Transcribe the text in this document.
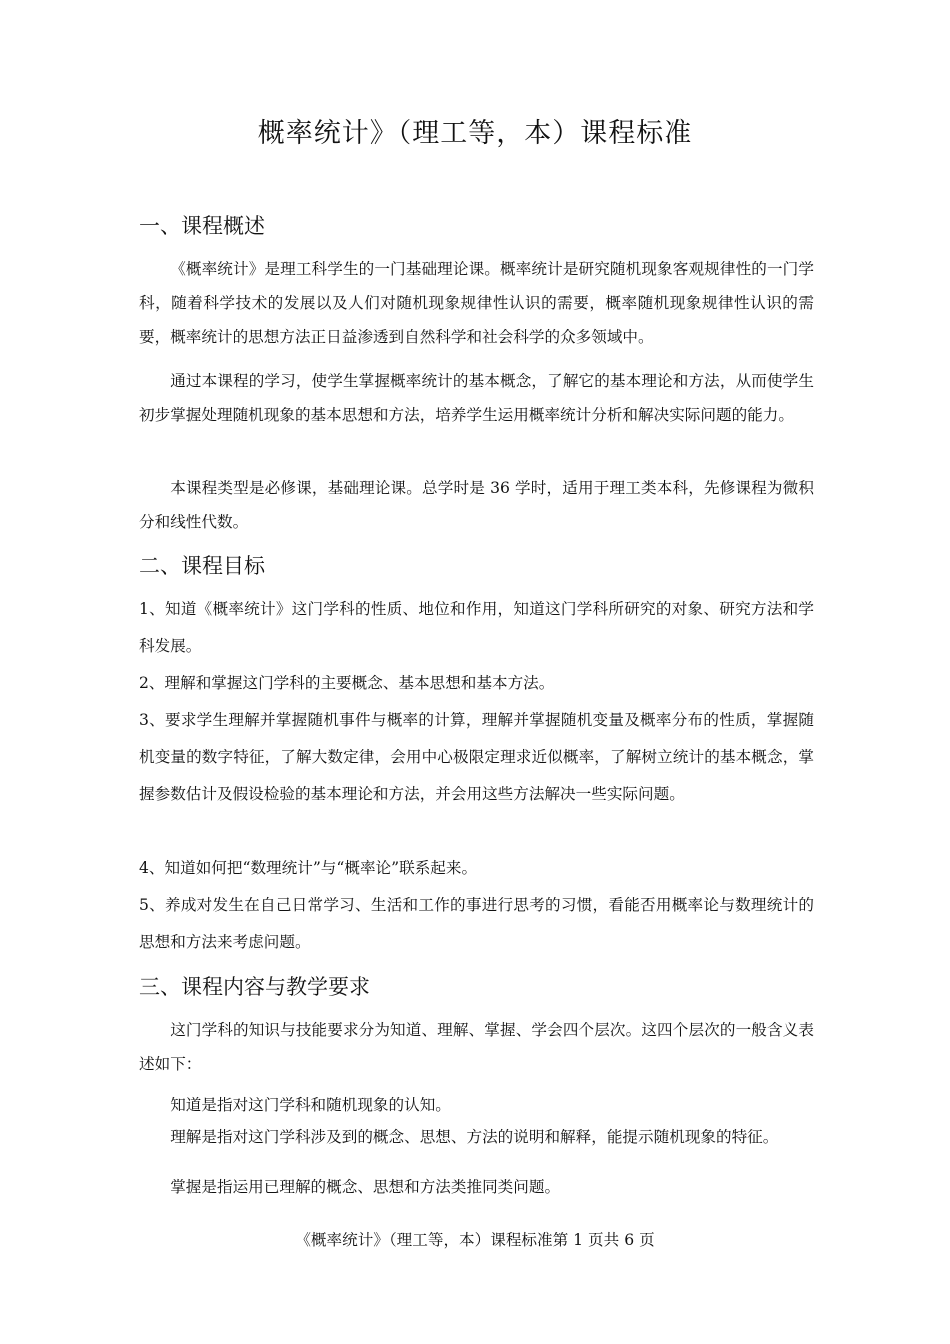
概率统计》（理工等，本）课程标准
一、课程概述
《概率统计》是理工科学生的一门基础理论课。概率统计是研究随机现象客观规律性的一门学科，随着科学技术的发展以及人们对随机现象规律性认识的需要，概率随机现象规律性认识的需要，概率统计的思想方法正日益渗透到自然科学和社会科学的众多领域中。
通过本课程的学习，使学生掌握概率统计的基本概念，了解它的基本理论和方法，从而使学生初步掌握处理随机现象的基本思想和方法，培养学生运用概率统计分析和解决实际问题的能力。
本课程类型是必修课，基础理论课。总学时是 36 学时，适用于理工类本科，先修课程为微积分和线性代数。
二、课程目标
1、知道《概率统计》这门学科的性质、地位和作用，知道这门学科所研究的对象、研究方法和学科发展。
2、理解和掌握这门学科的主要概念、基本思想和基本方法。
3、要求学生理解并掌握随机事件与概率的计算，理解并掌握随机变量及概率分布的性质，掌握随机变量的数字特征，了解大数定律，会用中心极限定理求近似概率，了解树立统计的基本概念，掌握参数估计及假设检验的基本理论和方法，并会用这些方法解决一些实际问题。
4、知道如何把“数理统计”与“概率论”联系起来。
5、养成对发生在自己日常学习、生活和工作的事进行思考的习惯，看能否用概率论与数理统计的思想和方法来考虑问题。
三、课程内容与教学要求
这门学科的知识与技能要求分为知道、理解、掌握、学会四个层次。这四个层次的一般含义表述如下：
知道是指对这门学科和随机现象的认知。
理解是指对这门学科涉及到的概念、思想、方法的说明和解释，能提示随机现象的特征。
掌握是指运用已理解的概念、思想和方法类推同类问题。
《概率统计》（理工等，本）课程标准第 1 页共 6 页
